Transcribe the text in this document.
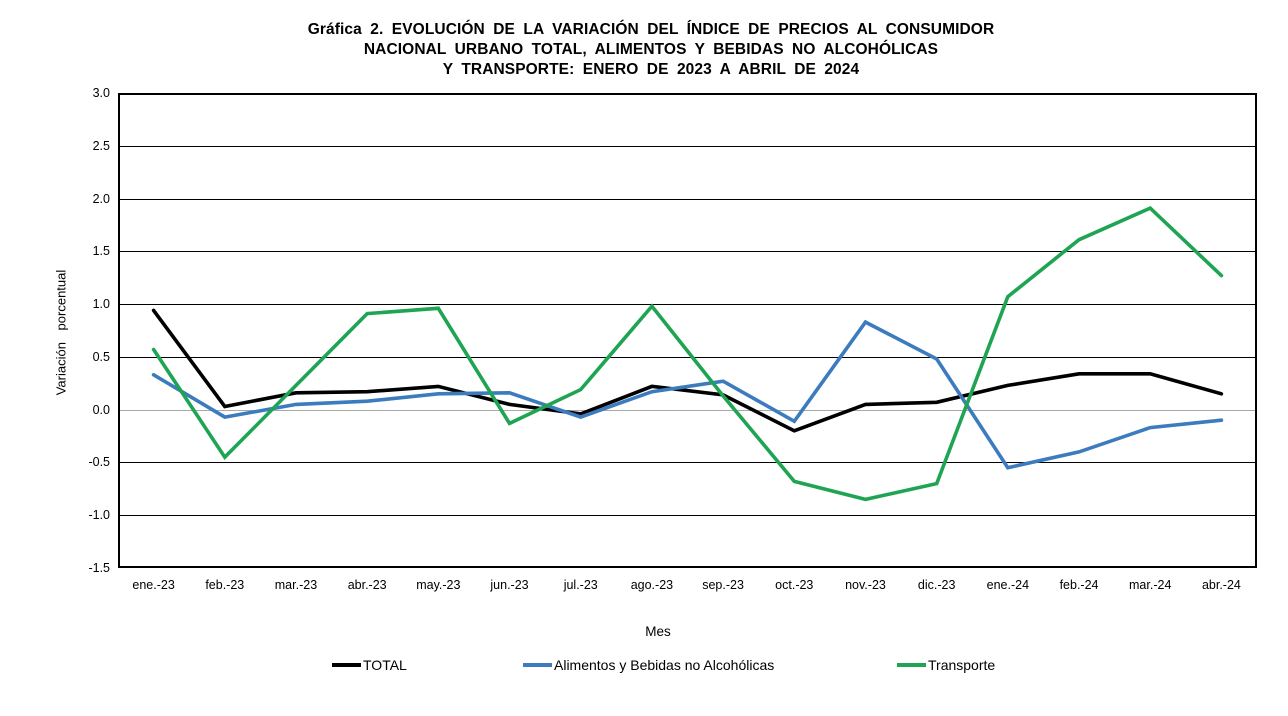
Gráfica 2. EVOLUCIÓN DE LA VARIACIÓN DEL ÍNDICE DE PRECIOS AL CONSUMIDOR
NACIONAL URBANO TOTAL, ALIMENTOS Y BEBIDAS NO ALCOHÓLICAS
Y TRANSPORTE: ENERO DE 2023 A ABRIL DE 2024
Variación porcentual
3.0
2.5
2.0
1.5
1.0
0.5
0.0
-0.5
-1.0
-1.5
ene.-23	feb.-23	mar.-23	abr.-23	may.-23	jun.-23	jul.-23	ago.-23	sep.-23	oct.-23	nov.-23	dic.-23	ene.-24	feb.-24	mar.-24	abr.-24
Mes
TOTAL	Alimentos y Bebidas no Alcohólicas	Transporte
